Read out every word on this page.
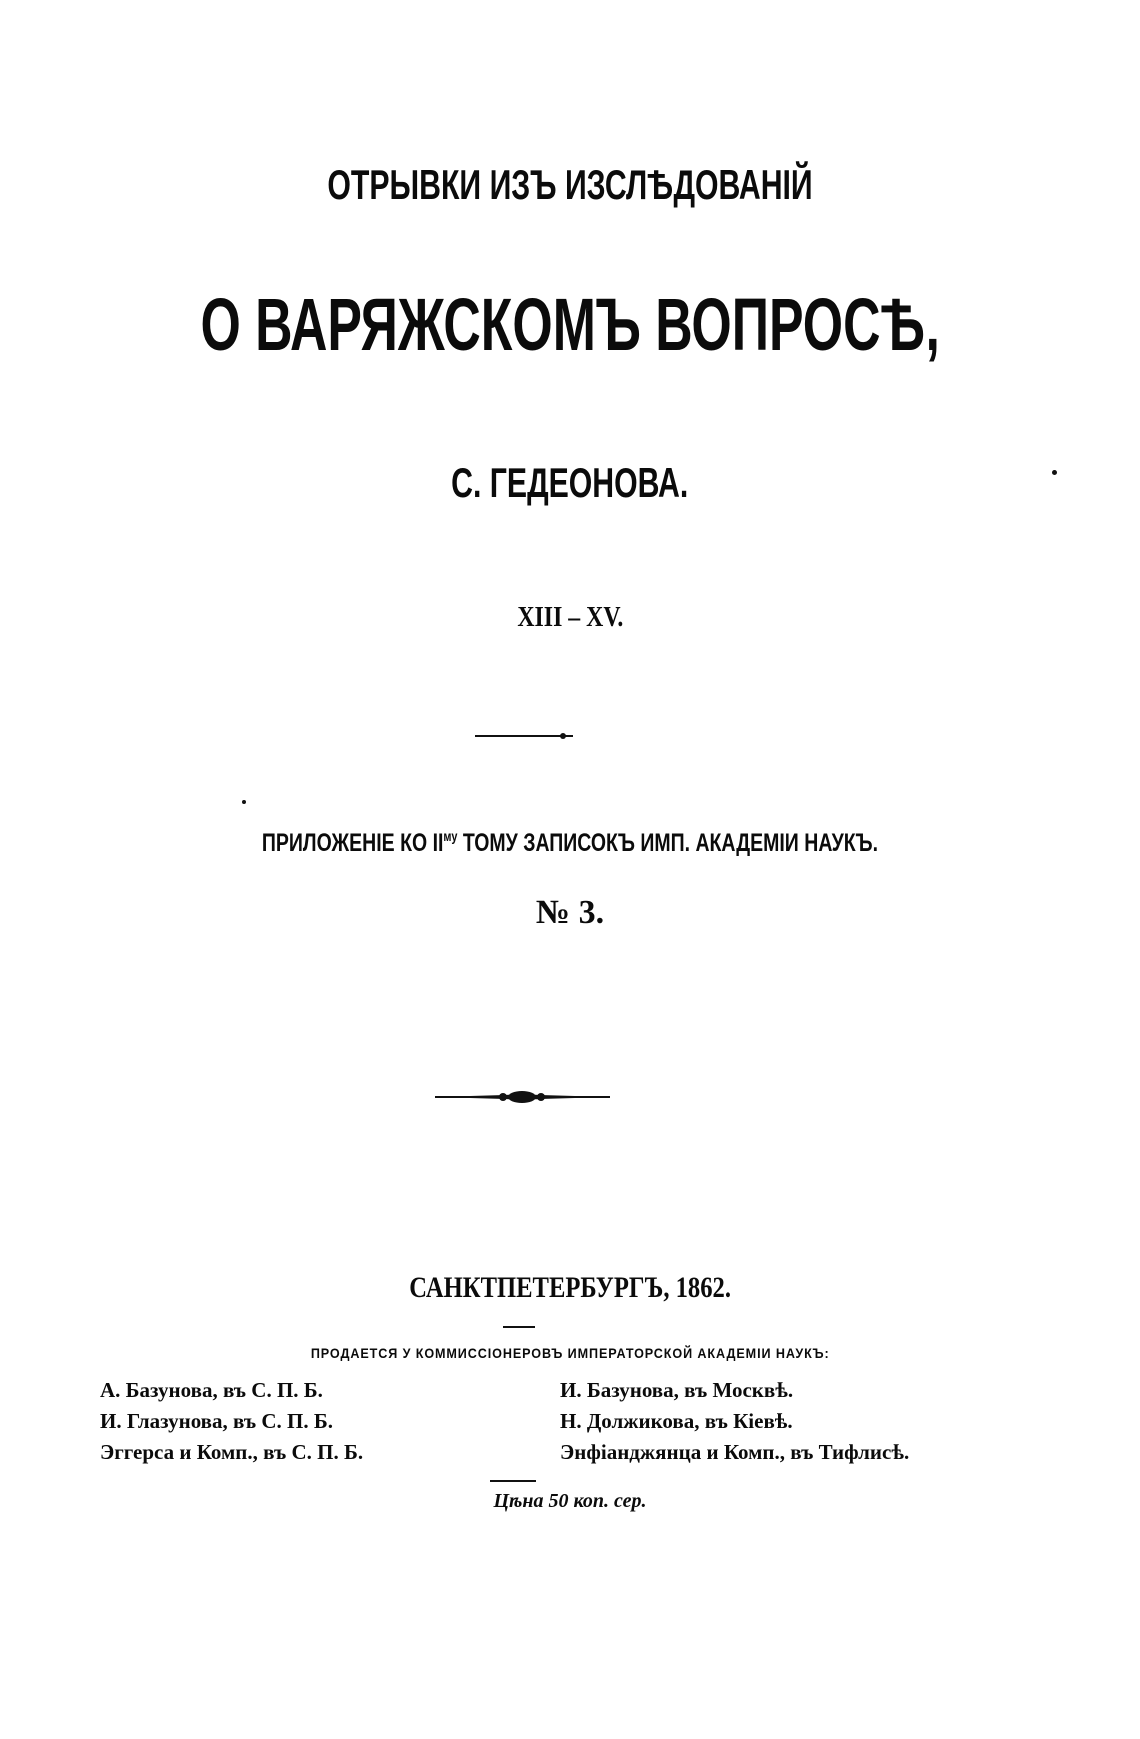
ОТРЫВКИ ИЗЪ ИЗСЛѢДОВАНІЙ
О ВАРЯЖСКОМЪ ВОПРОСѢ,
С. ГЕДЕОНОВА.
XIII – XV.
ПРИЛОЖЕНІЕ КО $II^{му}$ ТОМУ ЗАПИСОКЪ ИМП. АКАДЕМІИ НАУКЪ.
№ 3.
САНКТПЕТЕРБУРГЪ, 1862.
ПРОДАЕТСЯ У КОММИССІОНЕРОВЪ ИМПЕРАТОРСКОЙ АКАДЕМІИ НАУКЪ:
А. Базунова, въ С. П. Б.
И. Глазунова, въ С. П. Б.
Эггерса и Комп., въ С. П. Б.
И. Базунова, въ Москвѣ.
Н. Должикова, въ Кіевѣ.
Энфіанджянца и Комп., въ Тифлисѣ.
Цѣна 50 коп. сер.
